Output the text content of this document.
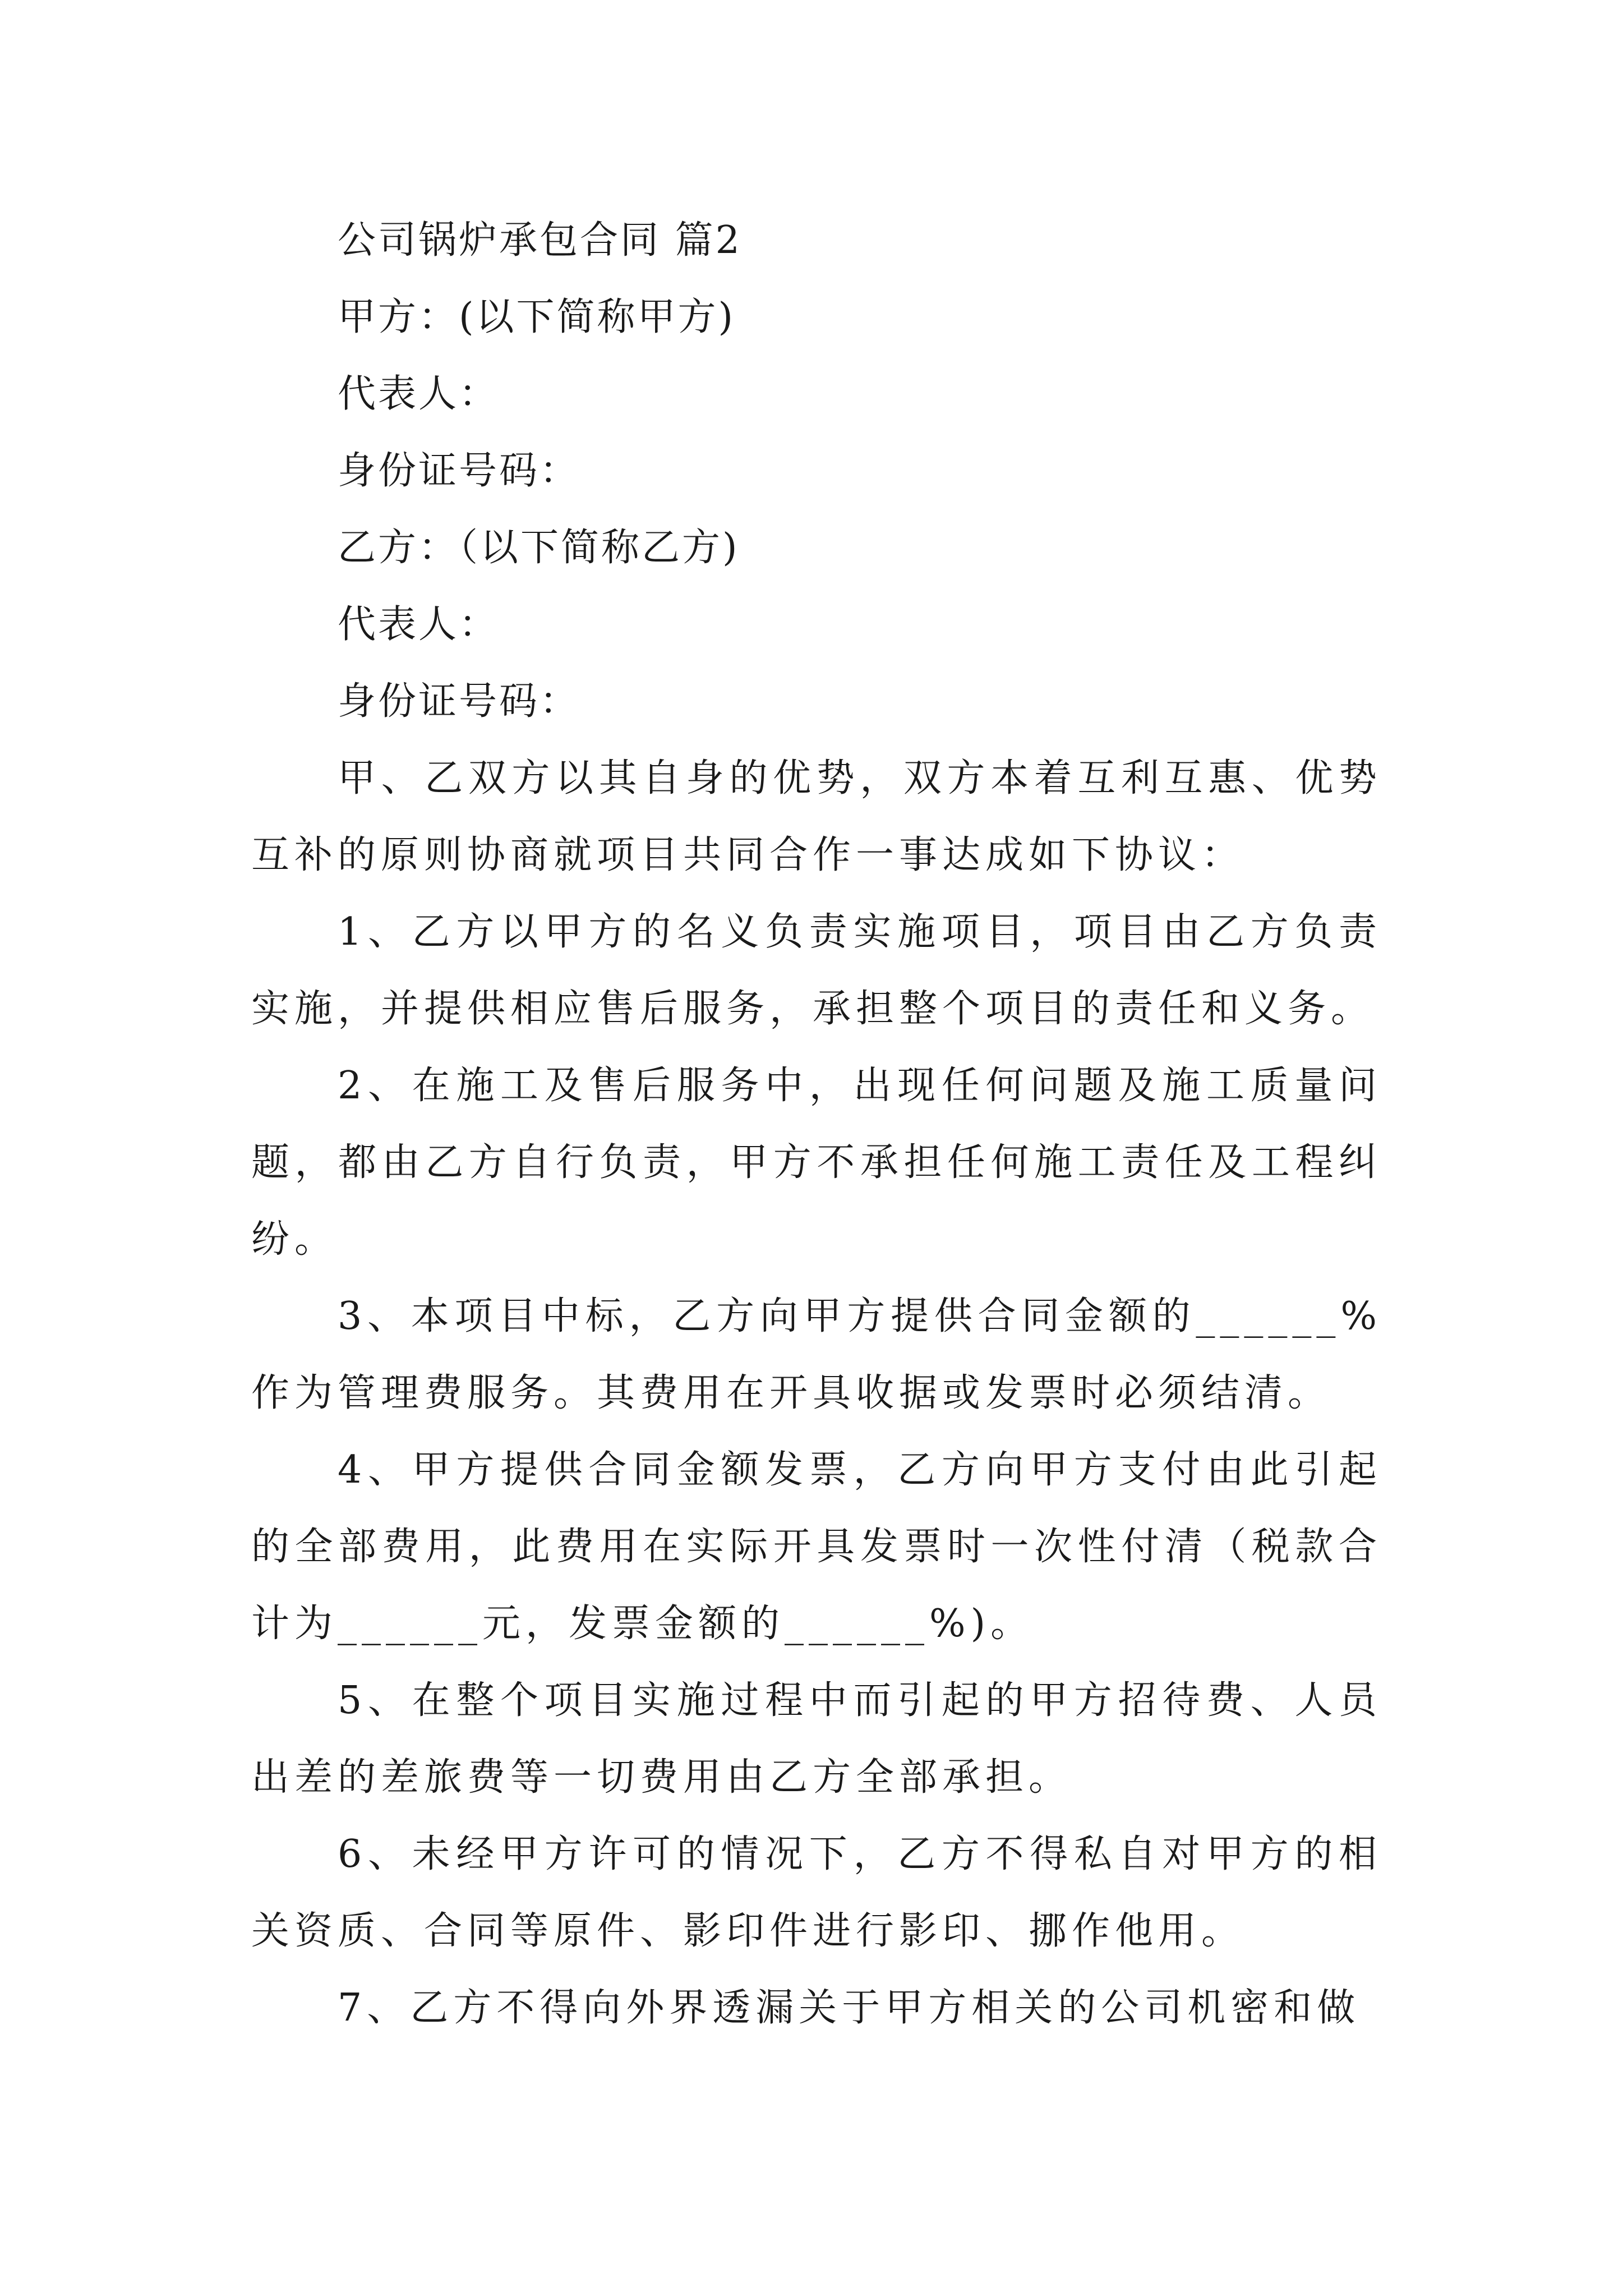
公司锅炉承包合同 篇2
甲方：(以下简称甲方)
代表人：
身份证号码：
乙方：（以下简称乙方)
代表人：
身份证号码：

甲、乙双方以其自身的优势，双方本着互利互惠、优势互补的原则协商就项目共同合作一事达成如下协议：

1、乙方以甲方的名义负责实施项目，项目由乙方负责实施，并提供相应售后服务，承担整个项目的责任和义务。

2、在施工及售后服务中，出现任何问题及施工质量问题，都由乙方自行负责，甲方不承担任何施工责任及工程纠纷。

3、本项目中标，乙方向甲方提供合同金额的______%作为管理费服务。其费用在开具收据或发票时必须结清。

4、甲方提供合同金额发票，乙方向甲方支付由此引起的全部费用，此费用在实际开具发票时一次性付清（税款合计为______元，发票金额的______%)。

5、在整个项目实施过程中而引起的甲方招待费、人员出差的差旅费等一切费用由乙方全部承担。

6、未经甲方许可的情况下，乙方不得私自对甲方的相关资质、合同等原件、影印件进行影印、挪作他用。

7、乙方不得向外界透漏关于甲方相关的公司机密和做
